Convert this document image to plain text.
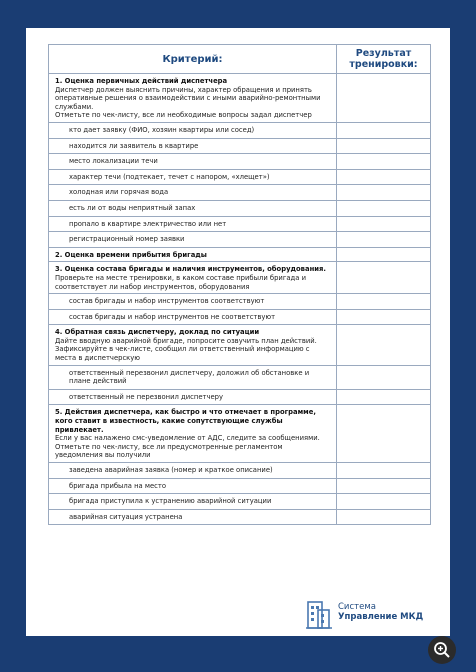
Критерий:	Результат
тренировки:

1. Оценка первичных действий диспетчера
Диспетчер должен выяснить причины, характер обращения и принять оперативные решения о взаимодействии с иными аварийно-ремонтными службами.
Отметьте по чек-листу, все ли необходимые вопросы задал диспетчер	

кто дает заявку (ФИО, хозяин квартиры или сосед)	

находится ли заявитель в квартире	

место локализации течи	

характер течи (подтекает, течет с напором, «хлещет»)	

холодная или горячая вода	

есть ли от воды неприятный запах	

пропало в квартире электричество или нет	

регистрационный номер заявки	

2. Оценка времени прибытия бригады	

3. Оценка состава бригады и наличия инструментов, оборудования.
Проверьте на месте тренировки, в каком составе прибыли бригада и соответствует ли набор инструментов, оборудования	

состав бригады и набор инструментов соответствуют	

состав бригады и набор инструментов не соответствуют	

4. Обратная связь диспетчеру, доклад по ситуации
Дайте вводную аварийной бригаде, попросите озвучить план действий. Зафиксируйте в чек-листе, сообщил ли ответственный информацию с места в диспетчерскую	

ответственный перезвонил диспетчеру, доложил об обстановке и плане действий	

ответственный не перезвонил диспетчеру	

5. Действия диспетчера, как быстро и что отмечает в программе, кого ставит в известность, какие сопутствующие службы привлекает.
Если у вас налажено смс-уведомление от АДС, следите за сообщениями.
Отметьте по чек-листу, все ли предусмотренные регламентом уведомления вы получили	

заведена аварийная заявка (номер и краткое описание)	

бригада прибыла на место	

бригада приступила к устранению аварийной ситуации	

аварийная ситуация устранена	

Система
Управление МКД
